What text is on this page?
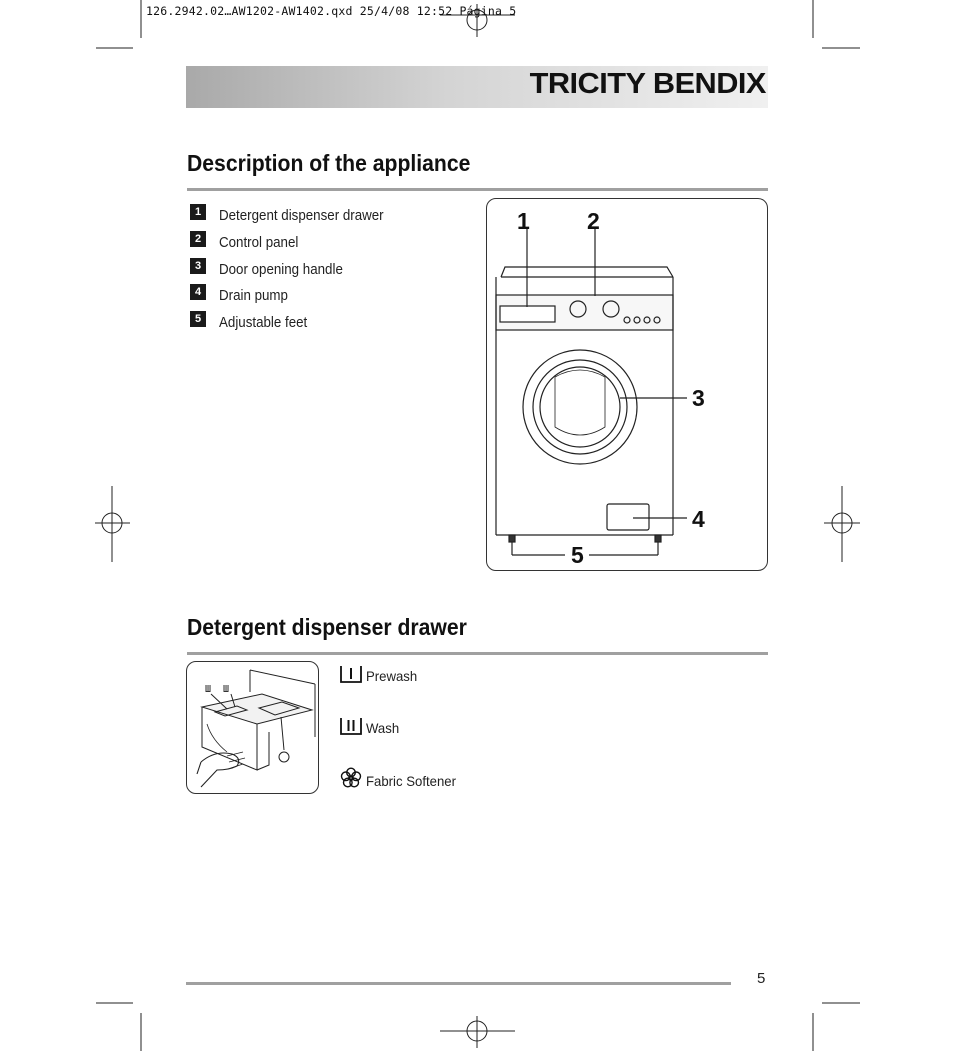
126.2942.02…AW1202-AW1402.qxd 25/4/08 12:52 Página 5
TRICITY BENDIX
Description of the appliance
1	Detergent dispenser drawer
2	Control panel
3	Door opening handle
4	Drain pump
5	Adjustable feet
1 2
3
4
5
Detergent dispenser drawer
Ш Ш
Prewash
Wash
Fabric Softener
5
